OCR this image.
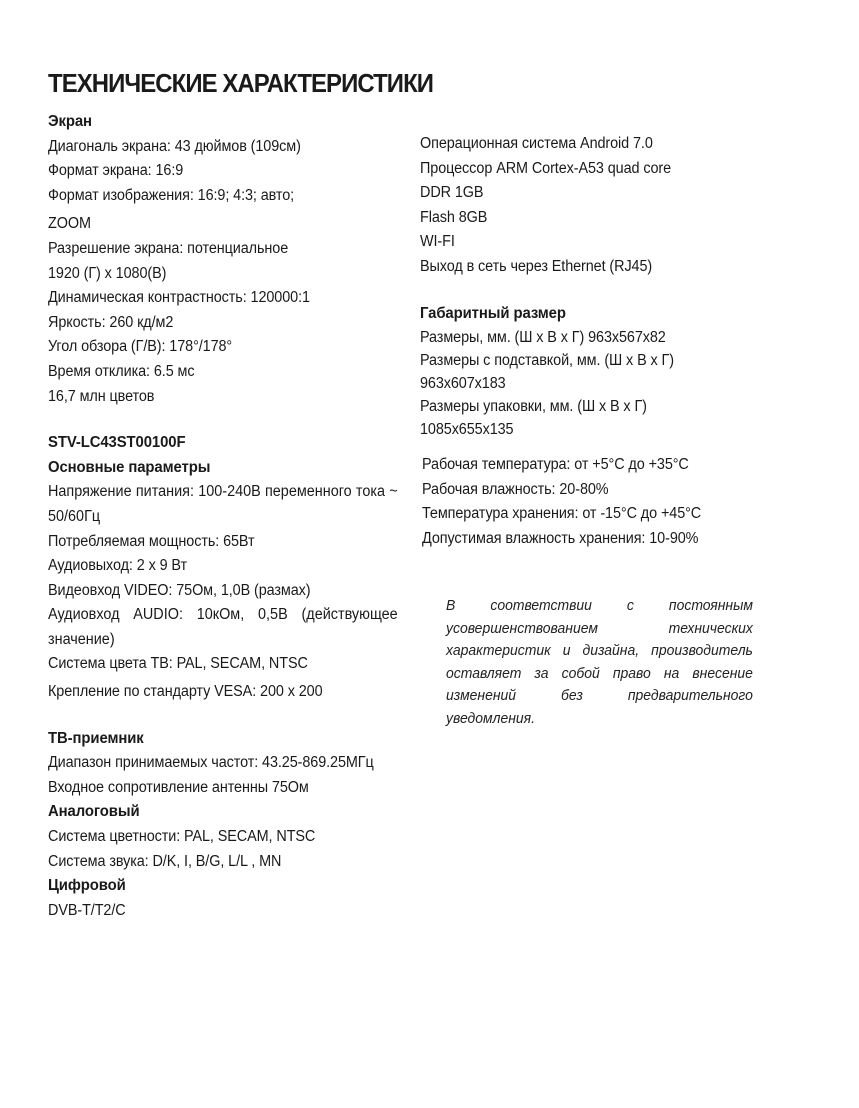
ТЕХНИЧЕСКИЕ ХАРАКТЕРИСТИКИ
Экран
Диагональ экрана: 43 дюймов (109см)
Формат экрана: 16:9
Формат изображения: 16:9; 4:3; авто;
ZOOM
Разрешение экрана: потенциальное
1920 (Г) x 1080(В)
Динамическая контрастность: 120000:1
Яркость: 260 кд/м2
Угол обзора (Г/В): 178°/178°
Время отклика: 6.5 мс
16,7 млн цветов
STV-LC43ST00100F
Основные параметры
Напряжение питания: 100-240В переменного тока ~ 50/60Гц
Потребляемая мощность: 65Вт
Аудиовыход: 2 х 9 Вт
Видеовход VIDEO: 75Ом, 1,0В (размах)
Аудиовход AUDIO: 10кОм, 0,5В (действующее значение)
Система цвета ТВ: PAL, SECAM, NTSC
Крепление по стандарту VESA: 200 х 200
ТВ-приемник
Диапазон принимаемых частот: 43.25-869.25МГц
Входное сопротивление антенны 75Ом
Аналоговый
Система цветности: PAL, SECAM, NTSC
Система звука: D/K, I, B/G, L/L , MN
Цифровой
DVB-T/T2/C
Операционная система Android 7.0
Процессор ARM Cortex-A53 quad core
DDR 1GB
Flash 8GB
WI-FI
Выход в сеть через Ethernet (RJ45)
Габаритный размер
Размеры, мм. (Ш х В х Г) 963x567x82
Размеры с подставкой, мм. (Ш х В х Г)
963x607x183
Размеры упаковки, мм. (Ш х В х Г)
1085x655x135
Рабочая температура: от +5°С до +35°С
Рабочая влажность: 20-80%
Температура хранения: от -15°С до +45°С
Допустимая влажность хранения: 10-90%
В соответствии с постоянным усовершенствованием технических характеристик и дизайна, производитель оставляет за собой право на внесение изменений без предварительного уведомления.
